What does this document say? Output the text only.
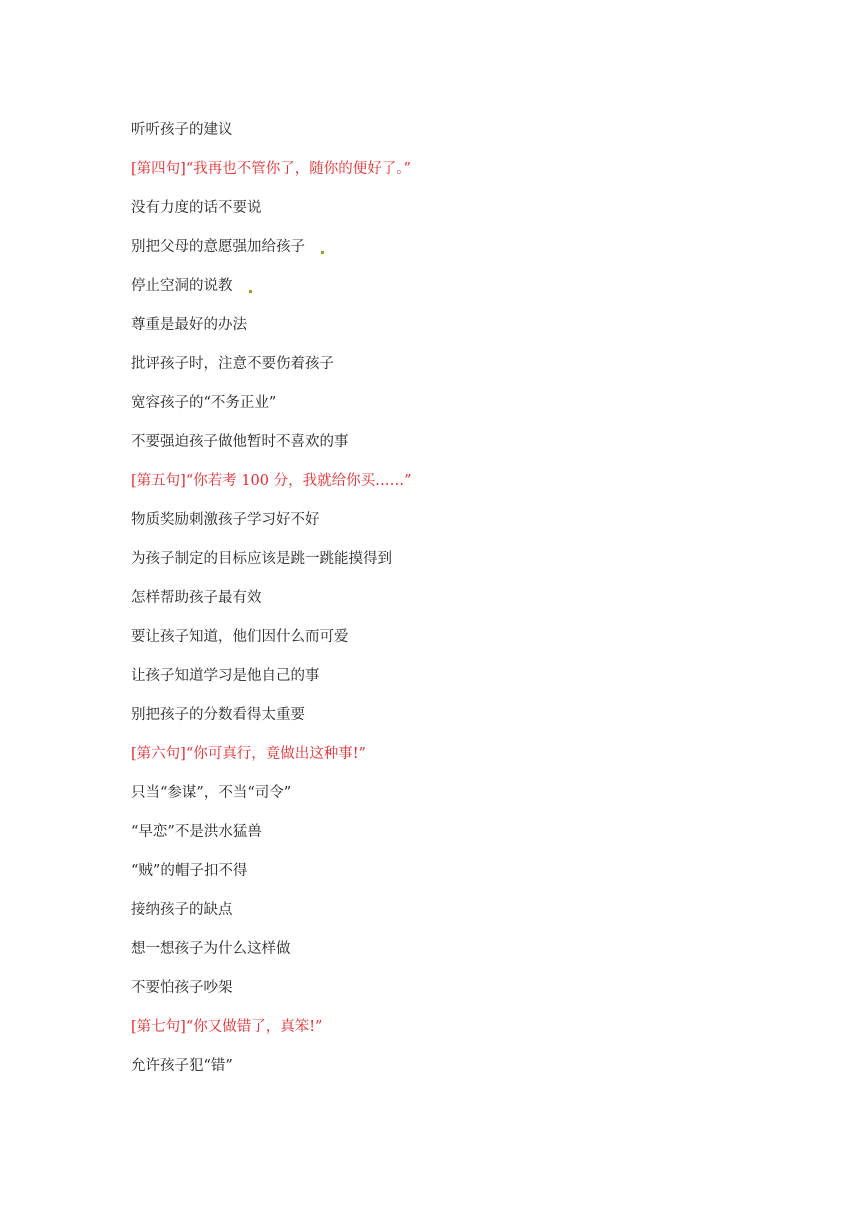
听听孩子的建议
[第四句]“我再也不管你了，随你的便好了。”
没有力度的话不要说
别把父母的意愿强加给孩子
停止空洞的说教
尊重是最好的办法
批评孩子时，注意不要伤着孩子
宽容孩子的“不务正业”
不要强迫孩子做他暂时不喜欢的事
[第五句]“你若考 100 分，我就给你买……”
物质奖励刺激孩子学习好不好
为孩子制定的目标应该是跳一跳能摸得到
怎样帮助孩子最有效
要让孩子知道，他们因什么而可爱
让孩子知道学习是他自己的事
别把孩子的分数看得太重要
[第六句]“你可真行，竟做出这种事!”
只当“参谋”，不当“司令”
“早恋”不是洪水猛兽
“贼”的帽子扣不得
接纳孩子的缺点
想一想孩子为什么这样做
不要怕孩子吵架
[第七句]“你又做错了，真笨!”
允许孩子犯“错”
